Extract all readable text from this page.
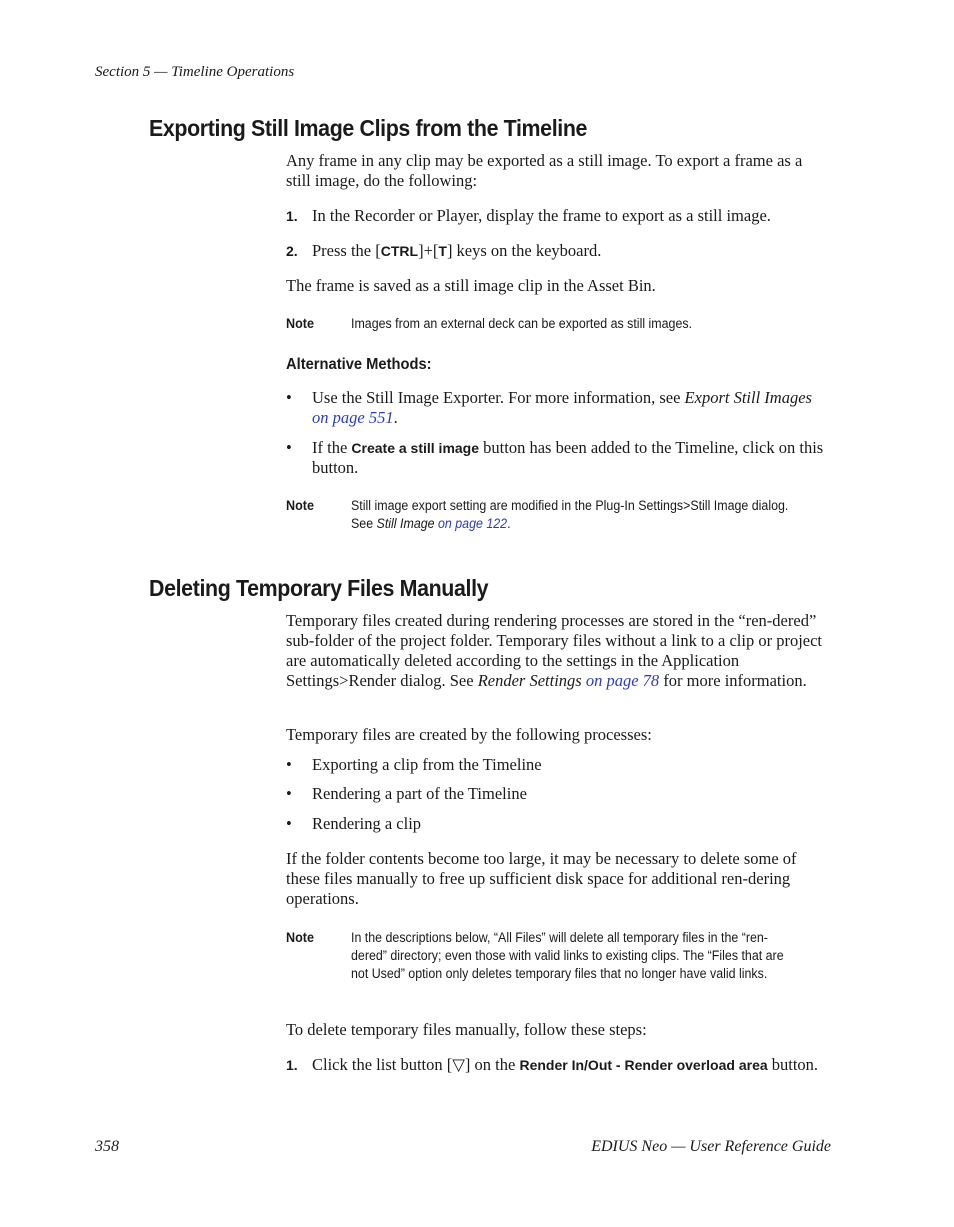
Section 5 — Timeline Operations
Exporting Still Image Clips from the Timeline
Any frame in any clip may be exported as a still image. To export a frame as a still image, do the following:
1. In the Recorder or Player, display the frame to export as a still image.
2. Press the [CTRL]+[T] keys on the keyboard.
The frame is saved as a still image clip in the Asset Bin.
Note	Images from an external deck can be exported as still images.
Alternative Methods:
• Use the Still Image Exporter. For more information, see Export Still Images on page 551.
• If the Create a still image button has been added to the Timeline, click on this button.
Note	Still image export setting are modified in the Plug-In Settings>Still Image dialog. See Still Image on page 122.
Deleting Temporary Files Manually
Temporary files created during rendering processes are stored in the “ren-dered” sub-folder of the project folder. Temporary files without a link to a clip or project are automatically deleted according to the settings in the Application Settings>Render dialog. See Render Settings on page 78 for more information.
Temporary files are created by the following processes:
• Exporting a clip from the Timeline
• Rendering a part of the Timeline
• Rendering a clip
If the folder contents become too large, it may be necessary to delete some of these files manually to free up sufficient disk space for additional ren-dering operations.
Note	In the descriptions below, “All Files” will delete all temporary files in the “ren-dered” directory; even those with valid links to existing clips. The “Files that are not Used” option only deletes temporary files that no longer have valid links.
To delete temporary files manually, follow these steps:
1. Click the list button [▽] on the Render In/Out - Render overload area button.
358	EDIUS Neo — User Reference Guide
